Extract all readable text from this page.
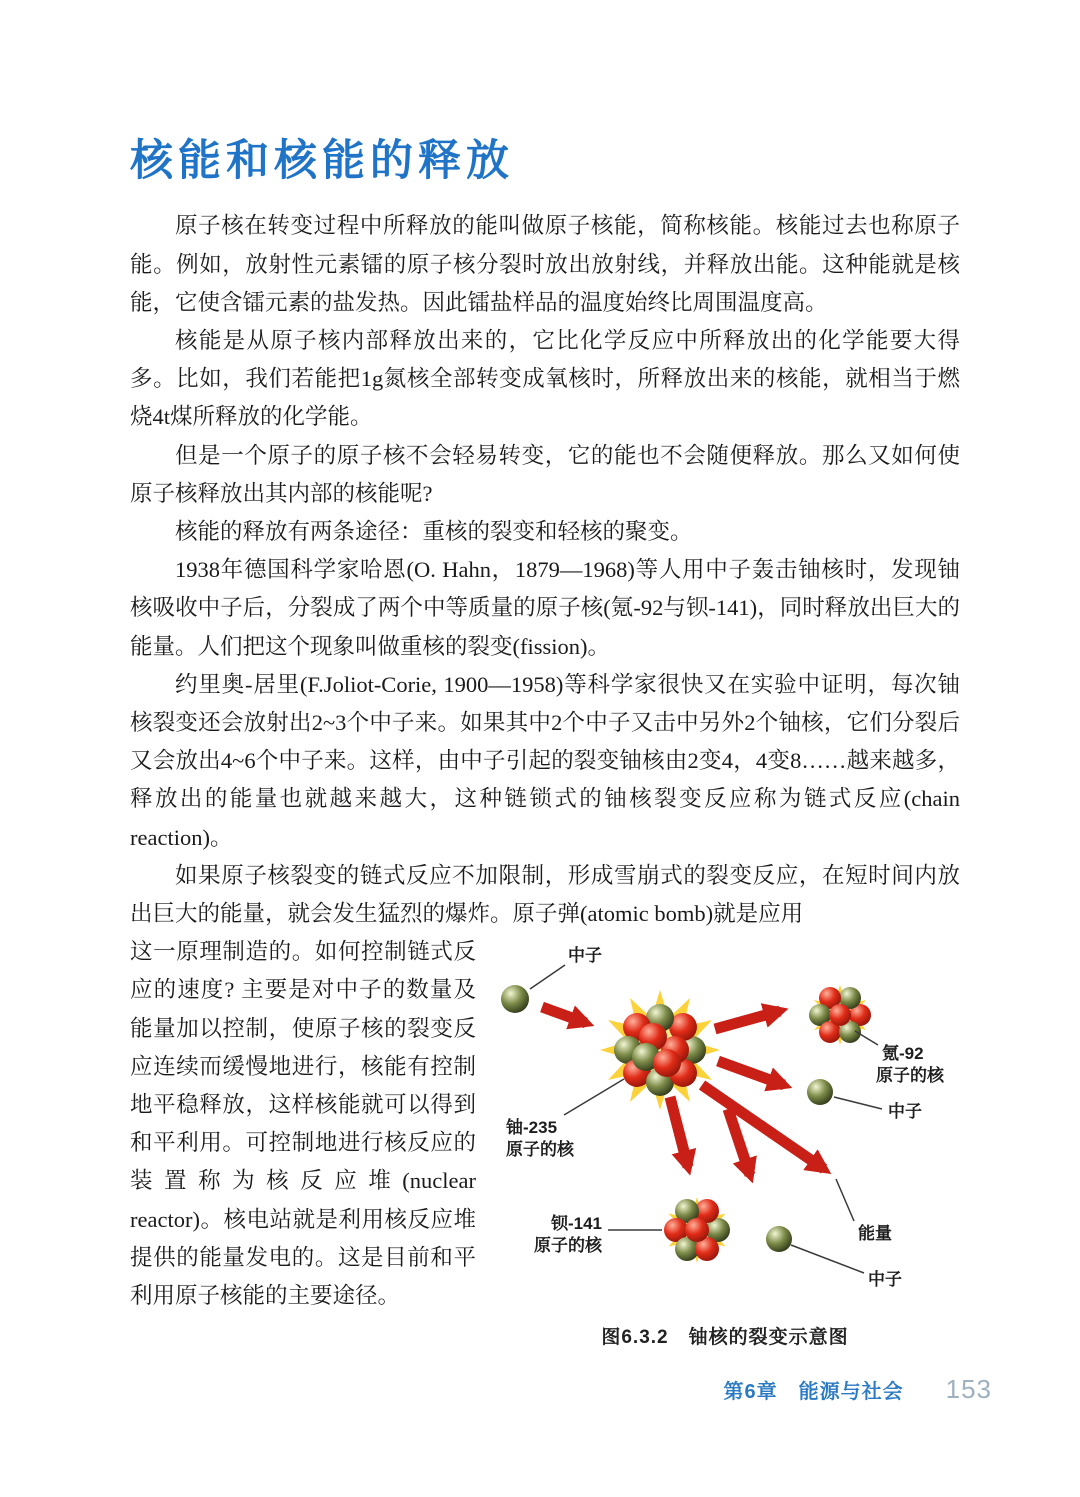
核能和核能的释放

原子核在转变过程中所释放的能叫做原子核能，简称核能。核能过去也称原子能。例如，放射性元素镭的原子核分裂时放出放射线，并释放出能。这种能就是核能，它使含镭元素的盐发热。因此镭盐样品的温度始终比周围温度高。

核能是从原子核内部释放出来的，它比化学反应中所释放出的化学能要大得多。比如，我们若能把1g氮核全部转变成氧核时，所释放出来的核能，就相当于燃烧4t煤所释放的化学能。

但是一个原子的原子核不会轻易转变，它的能也不会随便释放。那么又如何使原子核释放出其内部的核能呢?

核能的释放有两条途径：重核的裂变和轻核的聚变。

1938年德国科学家哈恩(O. Hahn，1879—1968)等人用中子轰击铀核时，发现铀核吸收中子后，分裂成了两个中等质量的原子核(氪-92与钡-141)，同时释放出巨大的能量。人们把这个现象叫做重核的裂变(fission)。

约里奥-居里(F.Joliot-Corie, 1900—1958)等科学家很快又在实验中证明，每次铀核裂变还会放射出2~3个中子来。如果其中2个中子又击中另外2个铀核，它们分裂后又会放出4~6个中子来。这样，由中子引起的裂变铀核由2变4，4变8……越来越多，释放出的能量也就越来越大，这种链锁式的铀核裂变反应称为链式反应(chain reaction)。

如果原子核裂变的链式反应不加限制，形成雪崩式的裂变反应，在短时间内放出巨大的能量，就会发生猛烈的爆炸。原子弹(atomic bomb)就是应用

中子
铀-235
原子的核
氪-92
原子的核
中子
钡-141
原子的核
能量
中子
图6.3.2　铀核的裂变示意图

这一原理制造的。如何控制链式反应的速度? 主要是对中子的数量及能量加以控制，使原子核的裂变反应连续而缓慢地进行，核能有控制地平稳释放，这样核能就可以得到和平利用。可控制地进行核反应的装置称为核反应堆(nuclear reactor)。核电站就是利用核反应堆提供的能量发电的。这是目前和平利用原子核能的主要途径。

第6章　能源与社会 153
